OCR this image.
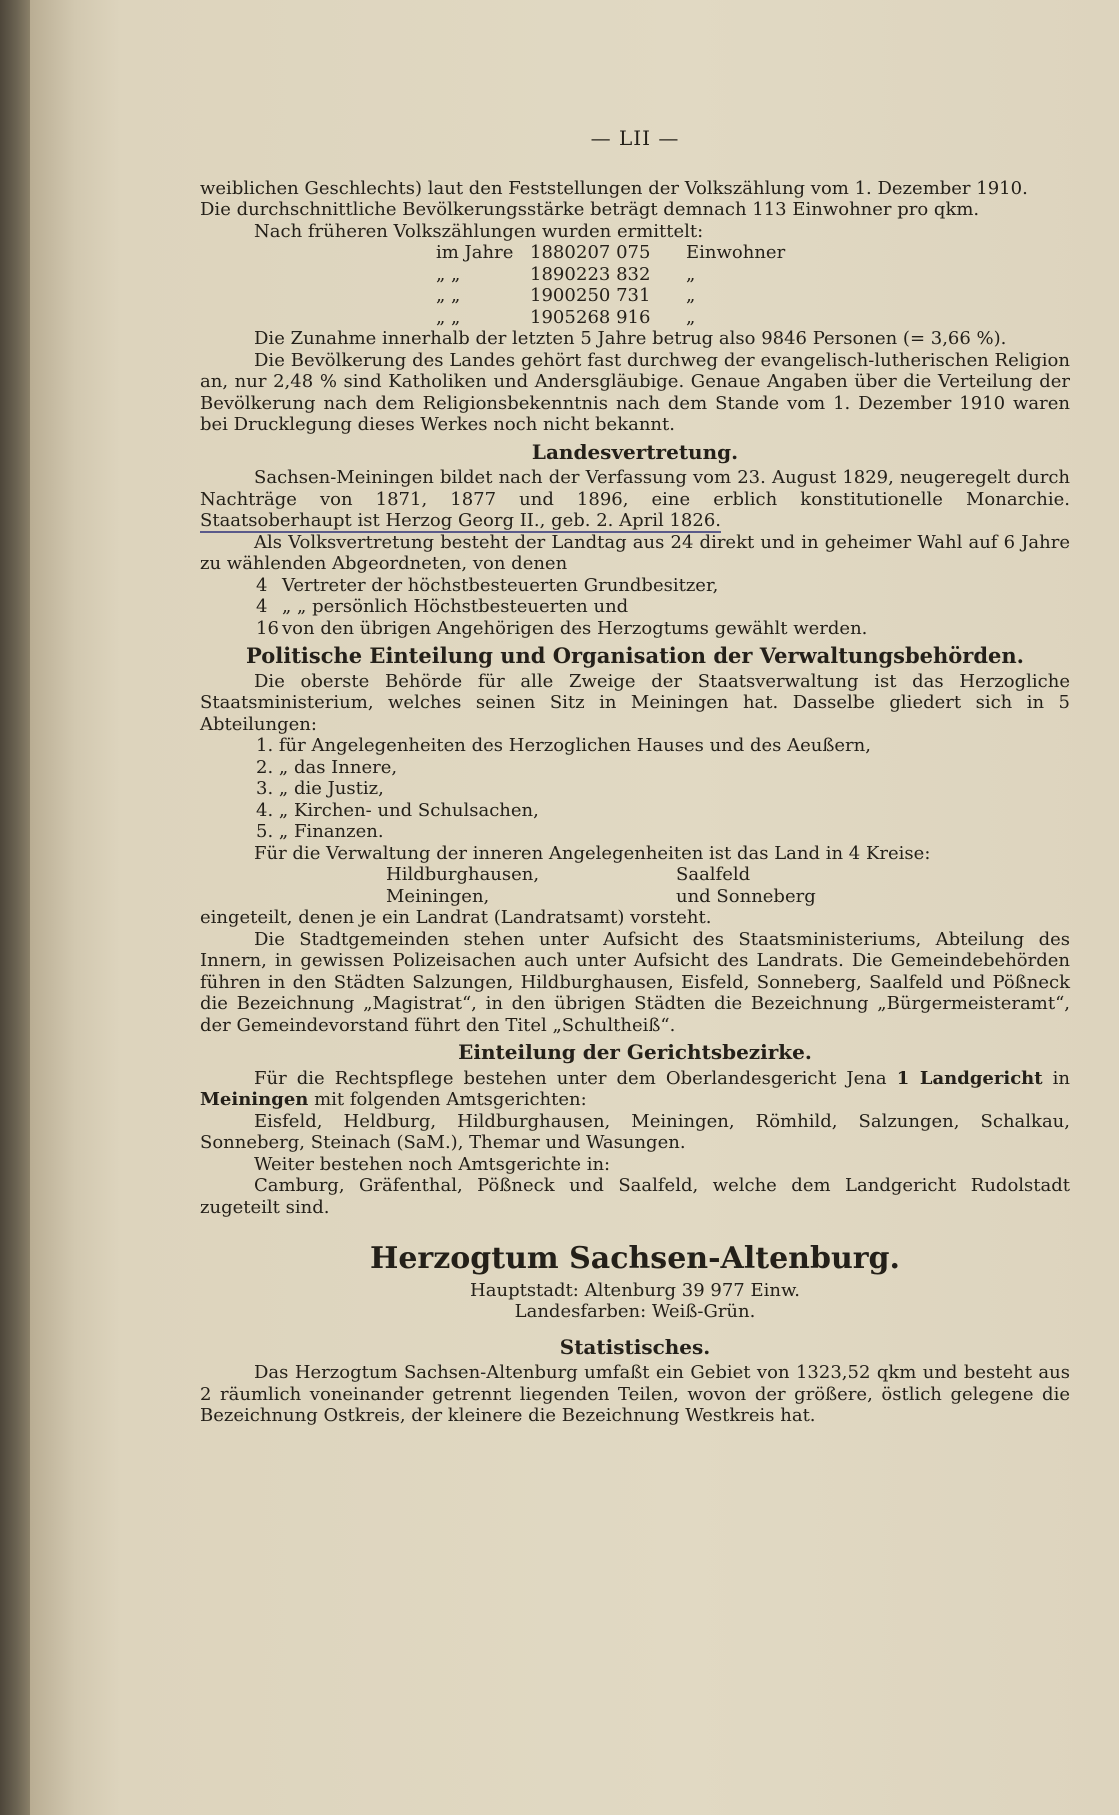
— LII —

weiblichen Geschlechts) laut den Feststellungen der Volkszählung vom 1. Dezember 1910.
Die durchschnittliche Bevölkerungsstärke beträgt demnach 113 Einwohner pro qkm.

Nach früheren Volkszählungen wurden ermittelt:

im Jahre 1880 207 075	Einwohner
„ „	1890 223 832	„
„ „	1900 250 731	„
„ „	1905 268 916	„

Die Zunahme innerhalb der letzten 5 Jahre betrug also 9846 Personen (= 3,66 %).

Die Bevölkerung des Landes gehört fast durchweg der evangelisch-lutherischen Religion an, nur 2,48 % sind Katholiken und Andersgläubige. Genaue Angaben über die Verteilung der Bevölkerung nach dem Religionsbekenntnis nach dem Stande vom 1. Dezember 1910 waren bei Drucklegung dieses Werkes noch nicht bekannt.

Landesvertretung.

Sachsen-Meiningen bildet nach der Verfassung vom 23. August 1829, neugeregelt durch Nachträge von 1871, 1877 und 1896, eine erblich konstitutionelle Monarchie. Staatsoberhaupt ist Herzog Georg II., geb. 2. April 1826.

Als Volksvertretung besteht der Landtag aus 24 direkt und in geheimer Wahl auf 6 Jahre zu wählenden Abgeordneten, von denen

4 Vertreter der höchstbesteuerten Grundbesitzer,
4 „ „ persönlich Höchstbesteuerten und
16 von den übrigen Angehörigen des Herzogtums gewählt werden.
Politische Einteilung und Organisation der Verwaltungsbehörden.

Die oberste Behörde für alle Zweige der Staatsverwaltung ist das Herzogliche Staatsministerium, welches seinen Sitz in Meiningen hat. Dasselbe gliedert sich in 5 Abteilungen:

1. für Angelegenheiten des Herzoglichen Hauses und des Aeußern,
2. „ das Innere,
3. „ die Justiz,
4. „ Kirchen- und Schulsachen,
5. „ Finanzen.

Für die Verwaltung der inneren Angelegenheiten ist das Land in 4 Kreise:

Hildburghausen,	Saalfeld
Meiningen,	und Sonneberg

eingeteilt, denen je ein Landrat (Landratsamt) vorsteht.

Die Stadtgemeinden stehen unter Aufsicht des Staatsministeriums, Abteilung des Innern, in gewissen Polizeisachen auch unter Aufsicht des Landrats. Die Gemeindebehörden führen in den Städten Salzungen, Hildburghausen, Eisfeld, Sonneberg, Saalfeld und Pößneck die Bezeichnung „Magistrat“, in den übrigen Städten die Bezeichnung „Bürgermeisteramt“, der Gemeindevorstand führt den Titel „Schultheiß“.

Einteilung der Gerichtsbezirke.

Für die Rechtspflege bestehen unter dem Oberlandesgericht Jena 1 Landgericht in Meiningen mit folgenden Amtsgerichten:

Eisfeld, Heldburg, Hildburghausen, Meiningen, Römhild, Salzungen, Schalkau, Sonneberg, Steinach (SaM.), Themar und Wasungen.

Weiter bestehen noch Amtsgerichte in:

Camburg, Gräfenthal, Pößneck und Saalfeld, welche dem Landgericht Rudolstadt zugeteilt sind.

Herzogtum Sachsen-Altenburg.
Hauptstadt: Altenburg 39 977 Einw.
Landesfarben: Weiß-Grün.
Statistisches.

Das Herzogtum Sachsen-Altenburg umfaßt ein Gebiet von 1323,52 qkm und besteht aus 2 räumlich voneinander getrennt liegenden Teilen, wovon der größere, östlich gelegene die Bezeichnung Ostkreis, der kleinere die Bezeichnung Westkreis hat.
